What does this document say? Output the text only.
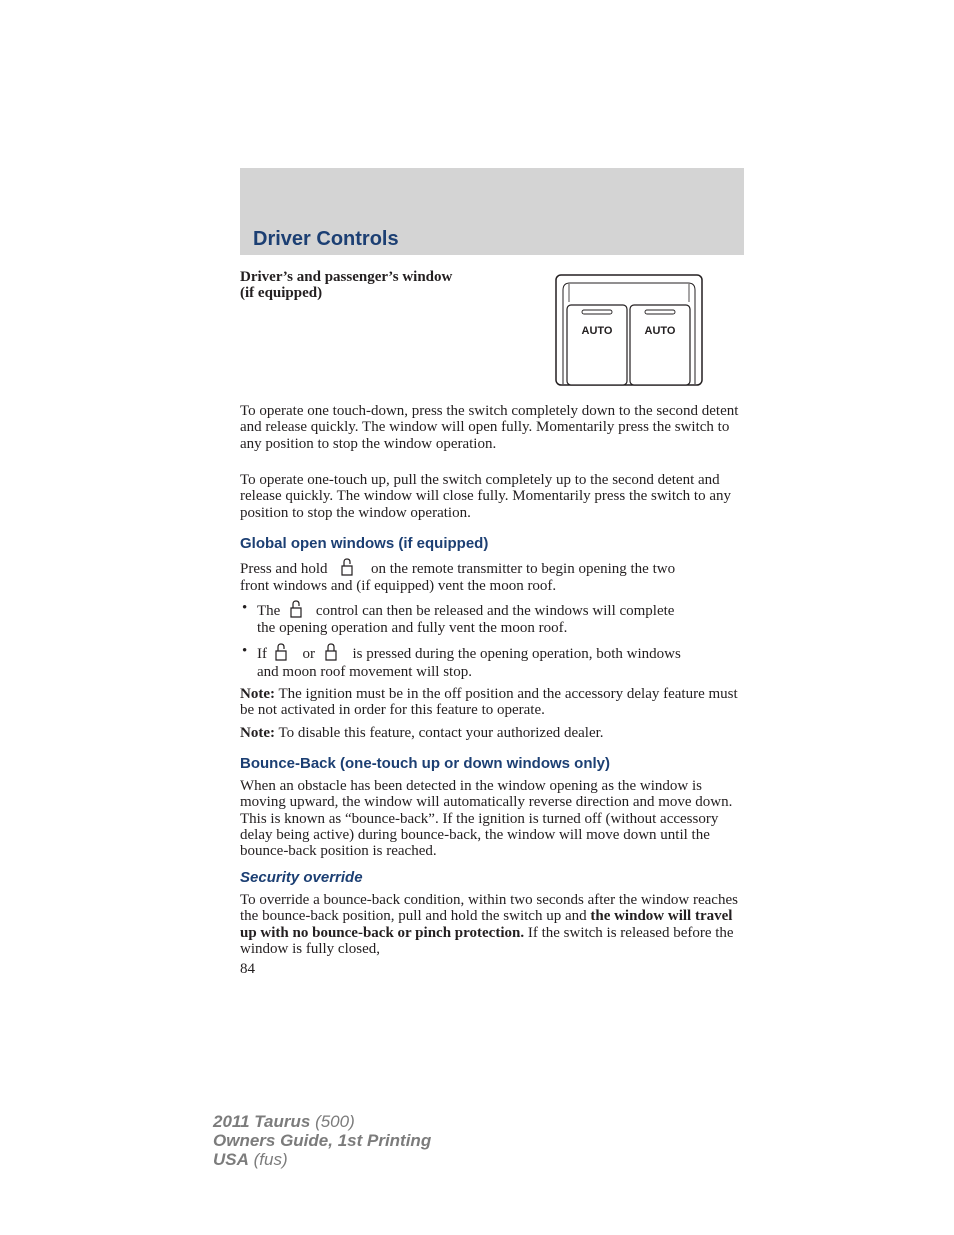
Driver Controls
Driver’s and passenger’s window
(if equipped)
AUTO	AUTO

To operate one touch-down, press the switch completely down to the second detent and release quickly. The window will open fully. Momentarily press the switch to any position to stop the window operation.

To operate one-touch up, pull the switch completely up to the second detent and release quickly. The window will close fully. Momentarily press the switch to any position to stop the window operation.

Global open windows (if equipped)
Press and hold	on the remote transmitter to begin opening the two
front windows and (if equipped) vent the moon roof.
• The control can then be released and the windows will complete
the opening operation and fully vent the moon roof.
• If or	is pressed during the opening operation, both windows
and moon roof movement will stop.

Note: The ignition must be in the off position and the accessory delay feature must be not activated in order for this feature to operate.

Note: To disable this feature, contact your authorized dealer.

Bounce-Back (one-touch up or down windows only)

When an obstacle has been detected in the window opening as the window is moving upward, the window will automatically reverse direction and move down. This is known as “bounce-back”. If the ignition is turned off (without accessory delay being active) during bounce-back, the window will move down until the bounce-back position is reached.

Security override

To override a bounce-back condition, within two seconds after the window reaches the bounce-back position, pull and hold the switch up and the window will travel up with no bounce-back or pinch protection. If the switch is released before the window is fully closed,

84
2011 Taurus (500)
Owners Guide, 1st Printing
USA (fus)
